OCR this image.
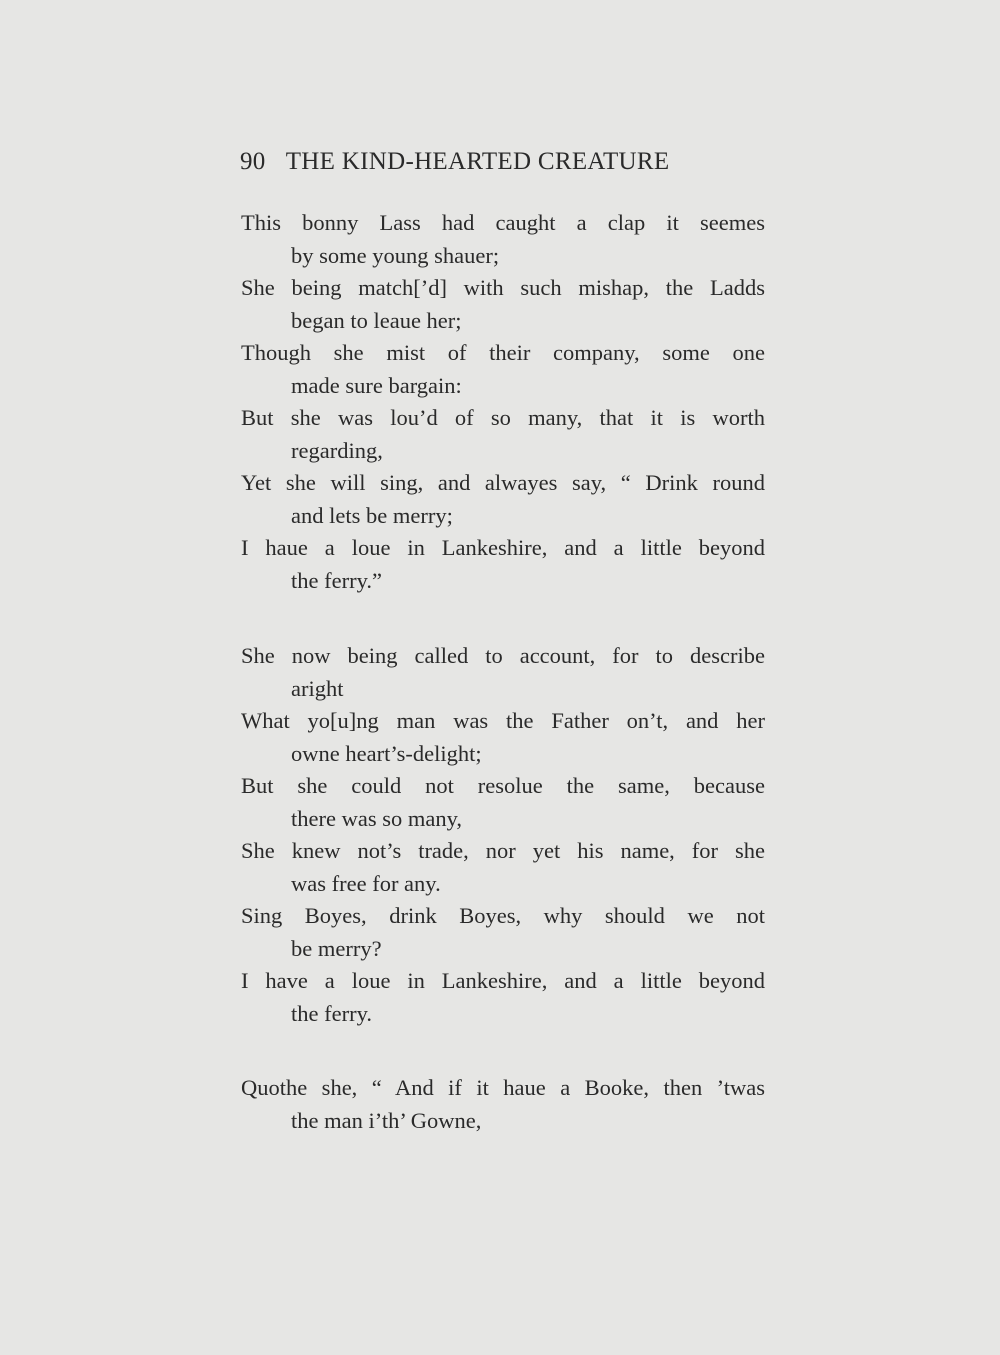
90 THE KIND-HEARTED CREATURE
This bonny Lass had caught a clap it seemes
by some young shauer;
She being match[’d] with such mishap, the Ladds
began to leaue her;
Though she mist of their company, some one
made sure bargain:
But she was lou’d of so many, that it is worth
regarding,
Yet she will sing, and alwayes say, “ Drink round
and lets be merry;
I haue a loue in Lankeshire, and a little beyond
the ferry.”
She now being called to account, for to describe
aright
What yo[u]ng man was the Father on’t, and her
owne heart’s-delight;
But she could not resolue the same, because
there was so many,
She knew not’s trade, nor yet his name, for she
was free for any.
Sing Boyes, drink Boyes, why should we not
be merry?
I have a loue in Lankeshire, and a little beyond
the ferry.
Quothe she, “ And if it haue a Booke, then ’twas
the man i’th’ Gowne,
